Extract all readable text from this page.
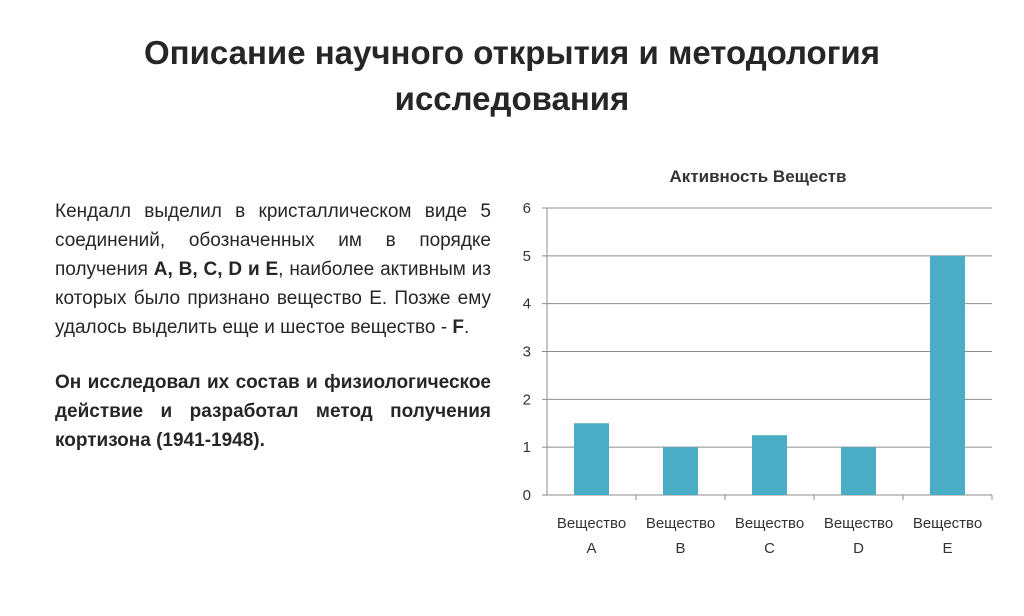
Описание научного открытия и методология
исследования

Кендалл выделил в кристаллическом виде 5 соединений, обозначенных им в порядке получения A, B, C, D и E, наиболее активным из которых было признано вещество E. Позже ему удалось выделить еще и шестое вещество - F.

Он исследовал их состав и физиологическое действие и разработал метод получения кортизона (1941-1948).

Активность Веществ
0
1
2
3
4
5
6
Вещество
A
Вещество
B
Вещество
C
Вещество
D
Вещество
E
